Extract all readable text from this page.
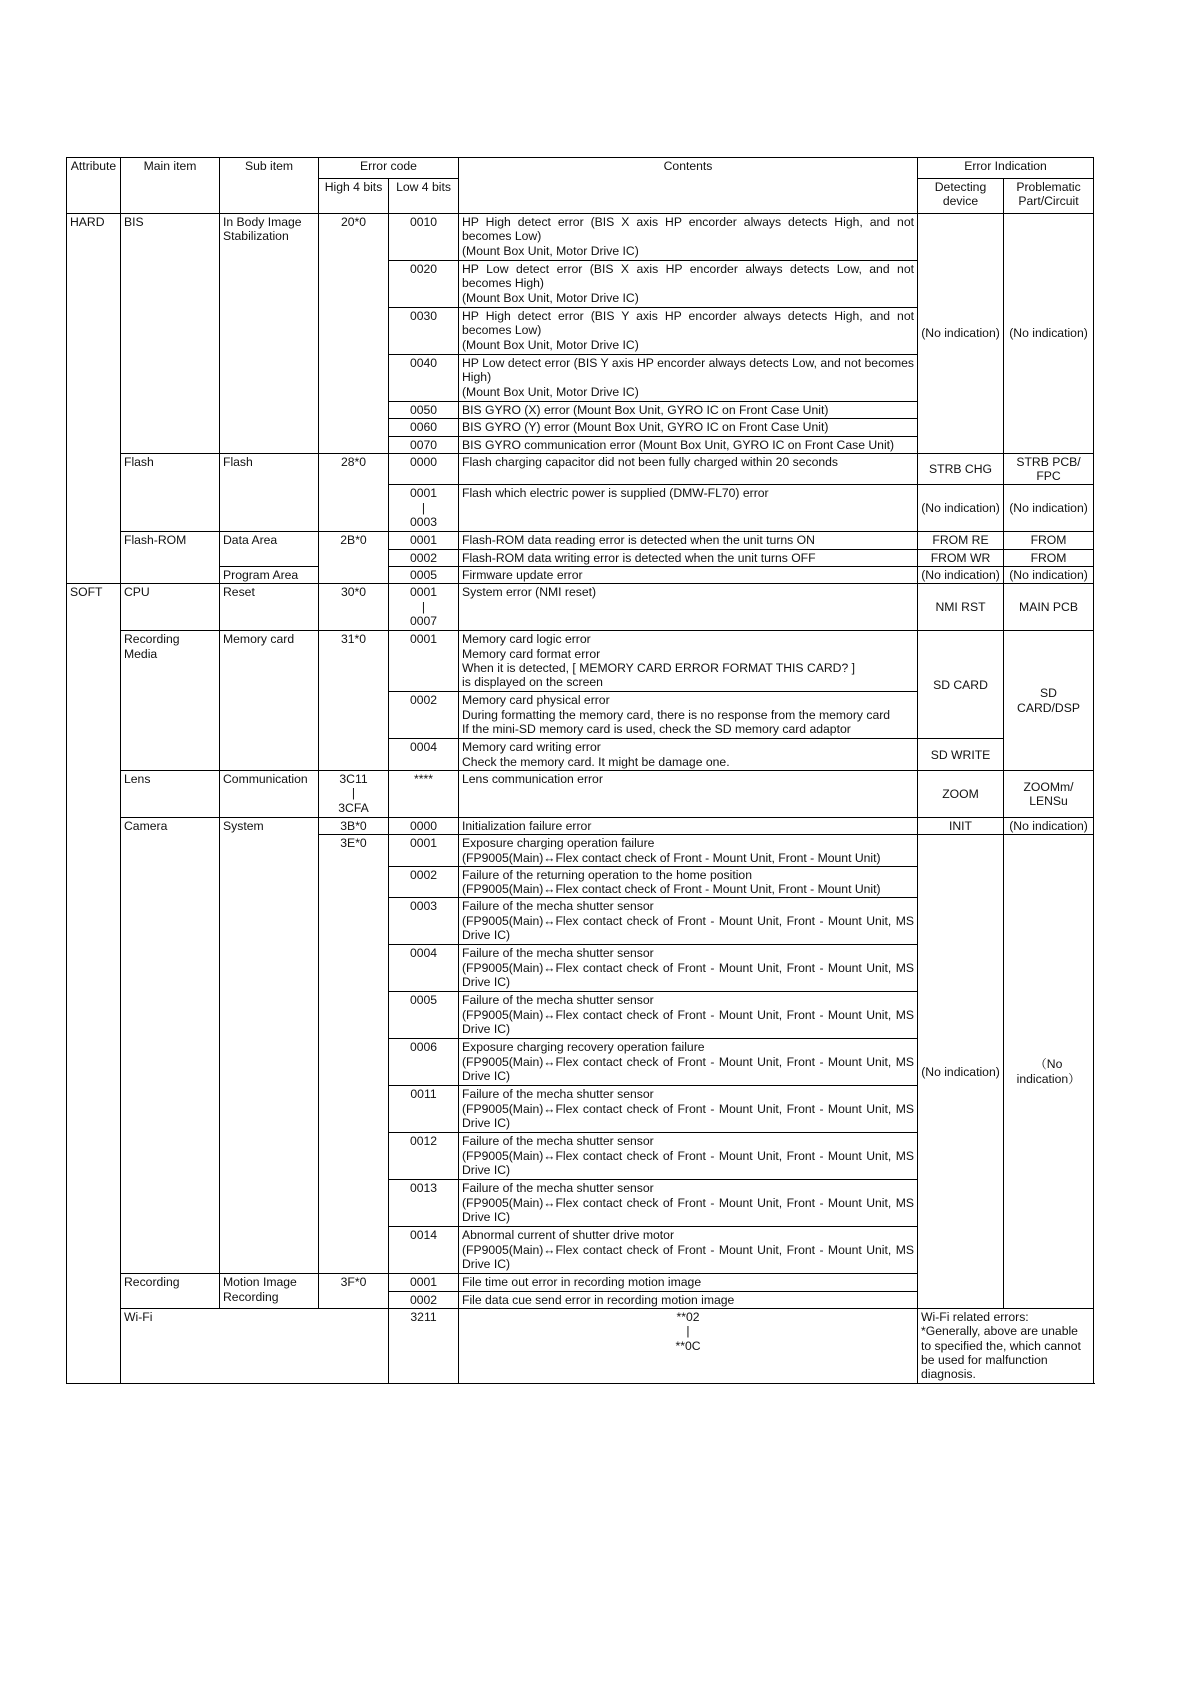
Attribute	Main item	Sub item	Error code		Contents	Error Indication	
			High 4 bits	Low 4 bits		Detecting device	Problematic Part/Circuit
HARD	BIS	In Body Image Stabilization	20*0	0010	HP High detect error (BIS X axis HP encorder always detects High, and not becomes Low)
(Mount Box Unit, Motor Drive IC)	(No indication)	(No indication)
				0020	HP Low detect error (BIS X axis HP encorder always detects Low, and not becomes High)
(Mount Box Unit, Motor Drive IC)		
				0030	HP High detect error (BIS Y axis HP encorder always detects High, and not becomes Low)
(Mount Box Unit, Motor Drive IC)		
				0040	HP Low detect error (BIS Y axis HP encorder always detects Low, and not becomes High)
(Mount Box Unit, Motor Drive IC)		
				0050	BIS GYRO (X) error (Mount Box Unit, GYRO IC on Front Case Unit)		
				0060	BIS GYRO (Y) error (Mount Box Unit, GYRO IC on Front Case Unit)		
				0070	BIS GYRO communication error (Mount Box Unit, GYRO IC on Front Case Unit)		
	Flash	Flash	28*0	0000	Flash charging capacitor did not been fully charged within 20 seconds	STRB CHG	STRB PCB/
FPC
				0001
|
0003	Flash which electric power is supplied (DMW-FL70) error	(No indication)	(No indication)
	Flash-ROM	Data Area	2B*0	0001	Flash-ROM data reading error is detected when the unit turns ON	FROM RE	FROM
				0002	Flash-ROM data writing error is detected when the unit turns OFF	FROM WR	FROM
		Program Area		0005	Firmware update error	(No indication)	(No indication)
SOFT	CPU	Reset	30*0	0001
|
0007	System error (NMI reset)	NMI RST	MAIN PCB
	Recording Media	Memory card	31*0	0001	Memory card logic error
Memory card format error
When it is detected, [ MEMORY CARD ERROR FORMAT THIS CARD? ]
is displayed on the screen	SD CARD	SD CARD/DSP
				0002	Memory card physical error
During formatting the memory card, there is no response from the memory card
If the mini-SD memory card is used, check the SD memory card adaptor		
				0004	Memory card writing error
Check the memory card. It might be damage one.	SD WRITE	
	Lens	Communication	3C11
|
3CFA	****	Lens communication error	ZOOM	ZOOMm/
LENSu
	Camera	System	3B*0	0000	Initialization failure error	INIT	(No indication)
			3E*0	0001	Exposure charging operation failure
(FP9005(Main)↔Flex contact check of Front - Mount Unit, Front - Mount Unit)	(No indication)	（No indication）
				0002	Failure of the returning operation to the home position
(FP9005(Main)↔Flex contact check of Front - Mount Unit, Front - Mount Unit)		
				0003	Failure of the mecha shutter sensor
(FP9005(Main)↔Flex contact check of Front - Mount Unit, Front - Mount Unit, MS Drive IC)		
				0004	Failure of the mecha shutter sensor
(FP9005(Main)↔Flex contact check of Front - Mount Unit, Front - Mount Unit, MS Drive IC)		
				0005	Failure of the mecha shutter sensor
(FP9005(Main)↔Flex contact check of Front - Mount Unit, Front - Mount Unit, MS Drive IC)		
				0006	Exposure charging recovery operation failure
(FP9005(Main)↔Flex contact check of Front - Mount Unit, Front - Mount Unit, MS Drive IC)		
				0011	Failure of the mecha shutter sensor
(FP9005(Main)↔Flex contact check of Front - Mount Unit, Front - Mount Unit, MS Drive IC)		
				0012	Failure of the mecha shutter sensor
(FP9005(Main)↔Flex contact check of Front - Mount Unit, Front - Mount Unit, MS Drive IC)		
				0013	Failure of the mecha shutter sensor
(FP9005(Main)↔Flex contact check of Front - Mount Unit, Front - Mount Unit, MS Drive IC)		
				0014	Abnormal current of shutter drive motor
(FP9005(Main)↔Flex contact check of Front - Mount Unit, Front - Mount Unit, MS Drive IC)		
	Recording	Motion Image Recording	3F*0	0001	File time out error in recording motion image		
				0002	File data cue send error in recording motion image		
	Wi-Fi			3211	**02
|
**0C	Wi-Fi related errors:
*Generally, above are unable to specified the, which cannot be used for malfunction diagnosis.	
